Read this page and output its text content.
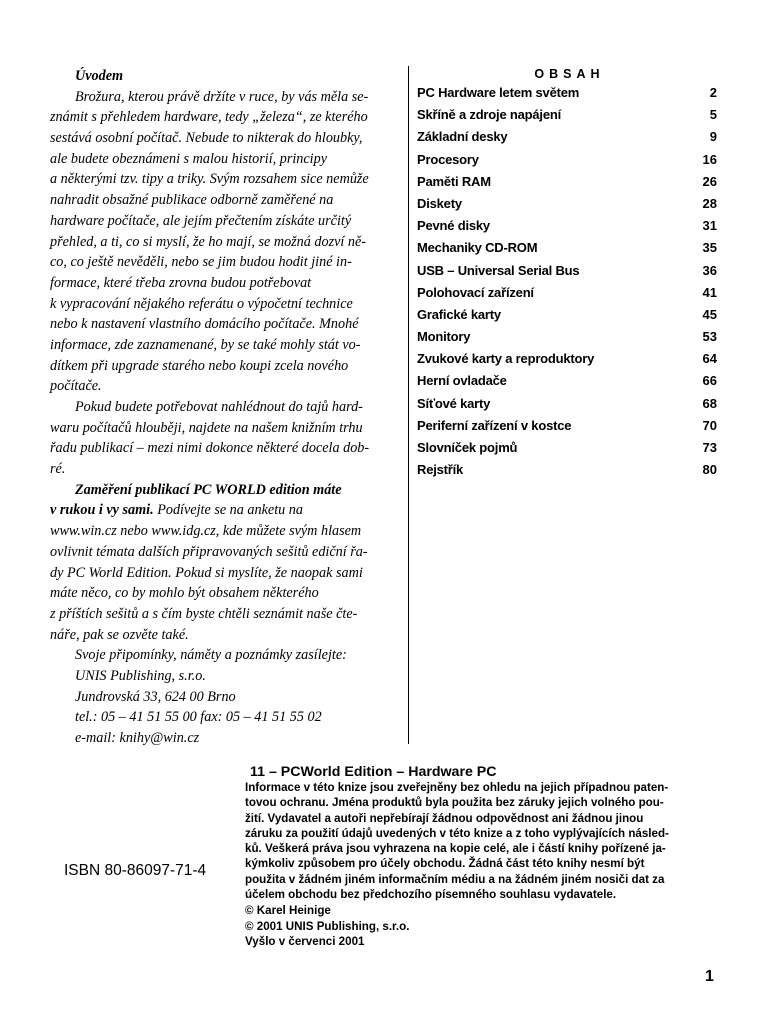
Úvodem
Brožura, kterou právě držíte v ruce, by vás měla se-
známit s přehledem hardware, tedy „železa“, ze kterého
sestává osobní počítač. Nebude to nikterak do hloubky,
ale budete obeznámeni s malou historií, principy
a některými tzv. tipy a triky. Svým rozsahem sice nemůže
nahradit obsažné publikace odborně zaměřené na
hardware počítače, ale jejím přečtením získáte určitý
přehled, a ti, co si myslí, že ho mají, se možná dozví ně-
co, co ještě nevěděli, nebo se jim budou hodit jiné in-
formace, které třeba zrovna budou potřebovat
k vypracování nějakého referátu o výpočetní technice
nebo k nastavení vlastního domácího počítače. Mnohé
informace, zde zaznamenané, by se také mohly stát vo-
dítkem při upgrade starého nebo koupi zcela nového
počítače.
Pokud budete potřebovat nahlédnout do tajů hard-
waru počítačů hlouběji, najdete na našem knižním trhu
řadu publikací – mezi nimi dokonce některé docela dob-
ré.
Zaměření publikací PC WORLD edition máte
v rukou i vy sami. Podívejte se na anketu na
www.win.cz nebo www.idg.cz, kde můžete svým hlasem
ovlivnit témata dalších připravovaných sešitů ediční řa-
dy PC World Edition. Pokud si myslíte, že naopak sami
máte něco, co by mohlo být obsahem některého
z příštích sešitů a s čím byste chtěli seznámit naše čte-
náře, pak se ozvěte také.
Svoje připomínky, náměty a poznámky zasílejte:
UNIS Publishing, s.r.o.
Jundrovská 33, 624 00 Brno
tel.: 05 – 41 51 55 00 fax: 05 – 41 51 55 02
e-mail: knihy@win.cz
OBSAH
PC Hardware letem světem	2
Skříně a zdroje napájení	5
Základní desky	9
Procesory	16
Paměti RAM	26
Diskety	28
Pevné disky	31
Mechaniky CD-ROM	35
USB – Universal Serial Bus	36
Polohovací zařízení	41
Grafické karty	45
Monitory	53
Zvukové karty a reproduktory	64
Herní ovladače	66
Síťové karty	68
Periferní zařízení v kostce	70
Slovníček pojmů	73
Rejstřík	80
11 – PCWorld Edition – Hardware PC
Informace v této knize jsou zveřejněny bez ohledu na jejich případnou paten-
tovou ochranu. Jména produktů byla použita bez záruky jejich volného pou-
žití. Vydavatel a autoři nepřebírají žádnou odpovědnost ani žádnou jinou
záruku za použití údajů uvedených v této knize a z toho vyplývajících násled-
ků. Veškerá práva jsou vyhrazena na kopie celé, ale i částí knihy pořízené ja-
kýmkoliv způsobem pro účely obchodu. Žádná část této knihy nesmí být
použita v žádném jiném informačním médiu a na žádném jiném nosiči dat za
účelem obchodu bez předchozího písemného souhlasu vydavatele.
ISBN 80-86097-71-4
© Karel Heinige
© 2001 UNIS Publishing, s.r.o.
Vyšlo v červenci 2001
1
